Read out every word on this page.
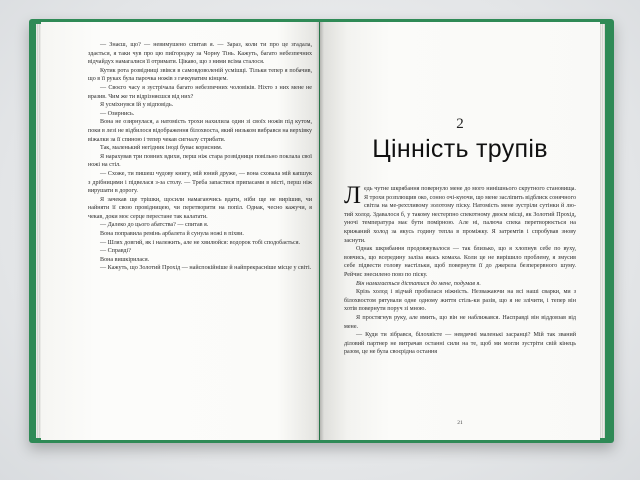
— Знаєш, що? — невимушено спитав я. — Зараз, коли ти про це згадала, здається, я таки чув про цю пиїгородку за Чорну Тінь. Кажуть, багато небезпечних відчайдух намагалися її отримати. Цікаво, що з ними всіма сталося.

Кутик рота розвідниці звівся в самовдоволеній усмішці. Тільки тепер я побачив, що в її руках була парочка ножів з гачкуватим кінцем.

— Своєго часу я зустрічала багато небезпечних чоловіків. Ніхто з них мене не вразив. Чим же ти відрізняєшся від них?

Я усміхнувся їй у відповідь.

— Озирнись.

Вона не озирнулася, а натомість трохи нахилила один зі своїх ножів під кутом, поки в лезі не відбилося відображення білохвоста, який низьком вибрався на верхівку віжалки за її спиною і тепер чекав сигналу стрибати.

Так, маленький негідник іноді буває корисним.

Я нарахував три повних вдихи, перш ніж стара розвідниця повільно поклала свої ножі на стіл.

— Схоже, ти пишеш чудову книгу, мій юний друже, — вона сховала мій капшук з дрібницями і підвелася з-за столу. — Треба запастися припасами в місті, перш ніж вирушати в дорогу.

Я зачекав ще трішки, щосили намагаючись вдати, ніби ще не вирішив, чи найняти її свою провідницею, чи перетворити на попіл. Однак, чесно кажучи, я чекав, доки моє серце перестане так калатати.

— Далеко до цього абатства? — спитав я.

Вона поправила ремінь арбалета й сунула ножі в піхви.

— Шлях довгий, як і належить, але не хвилюйся: водорок тобі сподобається.

— Справді?

Вона вишкірилася.

— Кажуть, що Золотий Прохід — найспокійніше й найпрекрасніше місце у світі.

2
Цінність трупів

Ледь чутне шкрябання повернуло мене до мого нинішнього скрутного становища. Я трохи розплющив око, сонно очі-куючи, що мене засліпить відблиск сонячного світла на ме-рехтливому золотому піску. Натомість мене зустріли сутінки й лю-тий холод. Здавалося б, у такому нестерпно спекотному двоєм місці, як Золотий Прохід, уночі температура має бути помірною. Але ні, палюча спека перетворюється на крижаний холод за якусь годину тепла в проміжку. Я затремтів і спробував знову заснути.

Однак шкрябання продовжувалося — так близько, що я хлопнув себе по вуху, вовчись, що всередину заліза якась комаха. Коли це не вирішило проблему, я змусив себе підвести голову настільки, щоб повернути її до джерела безперервного шуму. Рейчис знесилено повз по піску.

Він намагається дістатися до мене, подумав я.

Крізь холод і відчай пробилася ніжність. Незважаючи на всі наші сварки, ми з білохвостом рятували одне одному життя стіль-ки разів, що я не злічити, і тепер він хотів повернути поруч зі мною.

Я простягнув руку, але вмить, що він не наближався. Насправді він віддовзав від мене.

— Куди ти зібрався, білохвісте — невдячні маленькі засранці? Мій так званий діловий партнер не витрачав останні сили на те, щоб ми могли зустріти свій кінець разом, це не була своєрідна остання

21
